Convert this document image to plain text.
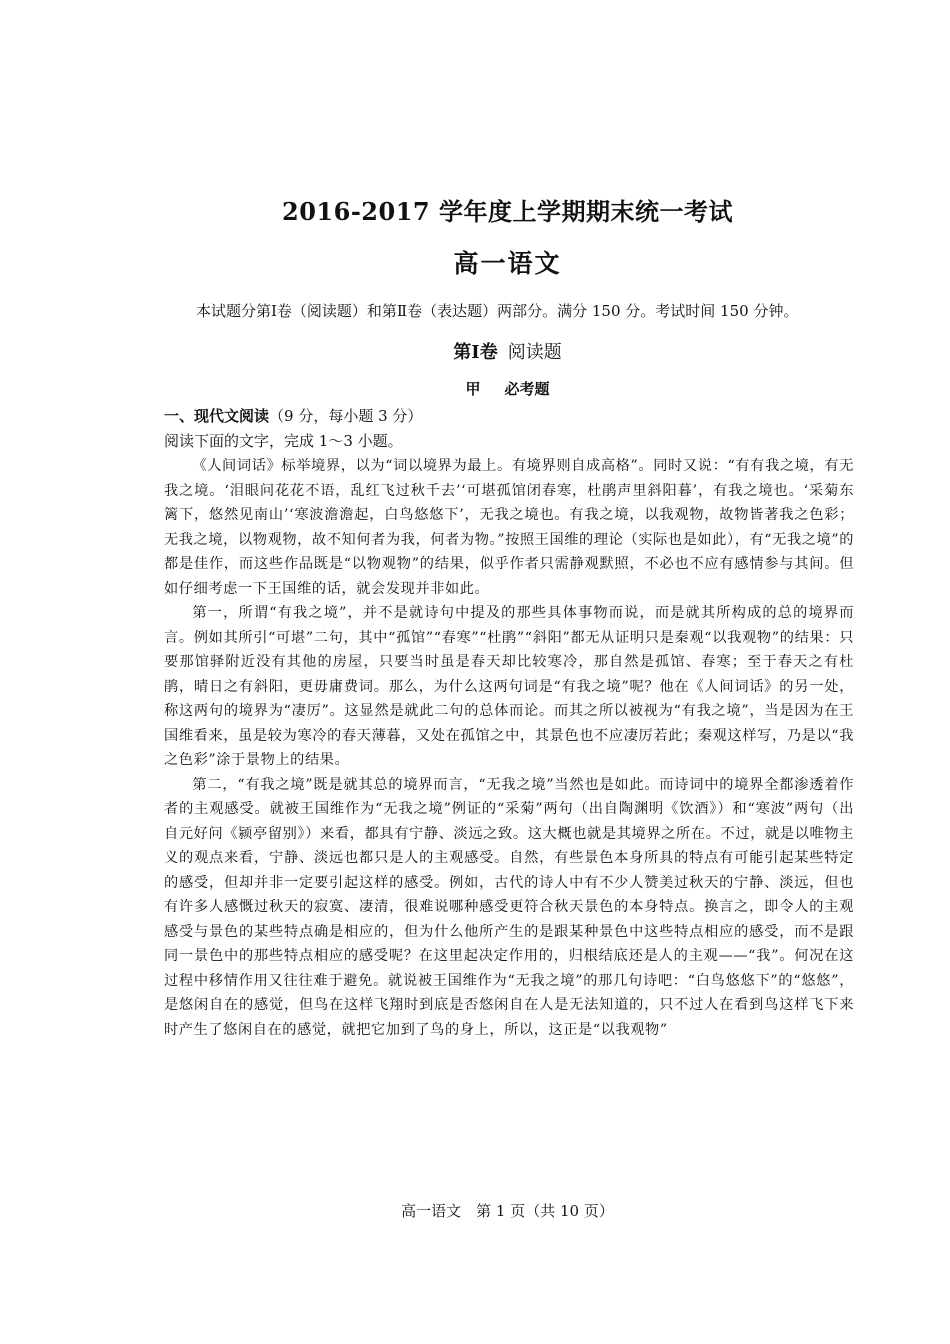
2016-2017 学年度上学期期末统一考试
高一语文
本试题分第Ⅰ卷（阅读题）和第Ⅱ卷（表达题）两部分。满分 150 分。考试时间 150 分钟。
第Ⅰ卷 阅读题
甲 必考题
一、现代文阅读（9 分，每小题 3 分）
阅读下面的文字，完成 1～3 小题。

《人间词话》标举境界，以为“词以境界为最上。有境界则自成高格”。同时又说：“有有我之境，有无我之境。‘泪眼问花花不语，乱红飞过秋千去’‘可堪孤馆闭春寒，杜鹃声里斜阳暮’，有我之境也。‘采菊东篱下，悠然见南山’‘寒波澹澹起，白鸟悠悠下’，无我之境也。有我之境，以我观物，故物皆著我之色彩；无我之境，以物观物，故不知何者为我，何者为物。”按照王国维的理论（实际也是如此），有“无我之境”的都是佳作，而这些作品既是“以物观物”的结果，似乎作者只需静观默照，不必也不应有感情参与其间。但如仔细考虑一下王国维的话，就会发现并非如此。

第一，所谓“有我之境”，并不是就诗句中提及的那些具体事物而说，而是就其所构成的总的境界而言。例如其所引“可堪”二句，其中“孤馆”“春寒”“杜鹃”“斜阳”都无从证明只是秦观“以我观物”的结果：只要那馆驿附近没有其他的房屋，只要当时虽是春天却比较寒冷，那自然是孤馆、春寒；至于春天之有杜鹃，晴日之有斜阳，更毋庸费词。那么，为什么这两句词是“有我之境”呢？他在《人间词话》的另一处，称这两句的境界为“凄厉”。这显然是就此二句的总体而论。而其之所以被视为“有我之境”，当是因为在王国维看来，虽是较为寒冷的春天薄暮，又处在孤馆之中，其景色也不应凄厉若此；秦观这样写，乃是以“我之色彩”涂于景物上的结果。

第二，“有我之境”既是就其总的境界而言，“无我之境”当然也是如此。而诗词中的境界全都渗透着作者的主观感受。就被王国维作为“无我之境”例证的“采菊”两句（出自陶渊明《饮酒》）和“寒波”两句（出自元好问《颍亭留别》）来看，都具有宁静、淡远之致。这大概也就是其境界之所在。不过，就是以唯物主义的观点来看，宁静、淡远也都只是人的主观感受。自然，有些景色本身所具的特点有可能引起某些特定的感受，但却并非一定要引起这样的感受。例如，古代的诗人中有不少人赞美过秋天的宁静、淡远，但也有许多人感慨过秋天的寂寞、凄清，很难说哪种感受更符合秋天景色的本身特点。换言之，即令人的主观感受与景色的某些特点确是相应的，但为什么他所产生的是跟某种景色中这些特点相应的感受，而不是跟同一景色中的那些特点相应的感受呢？在这里起决定作用的，归根结底还是人的主观——“我”。何况在这过程中移情作用又往往难于避免。就说被王国维作为“无我之境”的那几句诗吧：“白鸟悠悠下”的“悠悠”，是悠闲自在的感觉，但鸟在这样飞翔时到底是否悠闲自在人是无法知道的，只不过人在看到鸟这样飞下来时产生了悠闲自在的感觉，就把它加到了鸟的身上，所以，这正是“以我观物”

高一语文　第 1 页（共 10 页）
